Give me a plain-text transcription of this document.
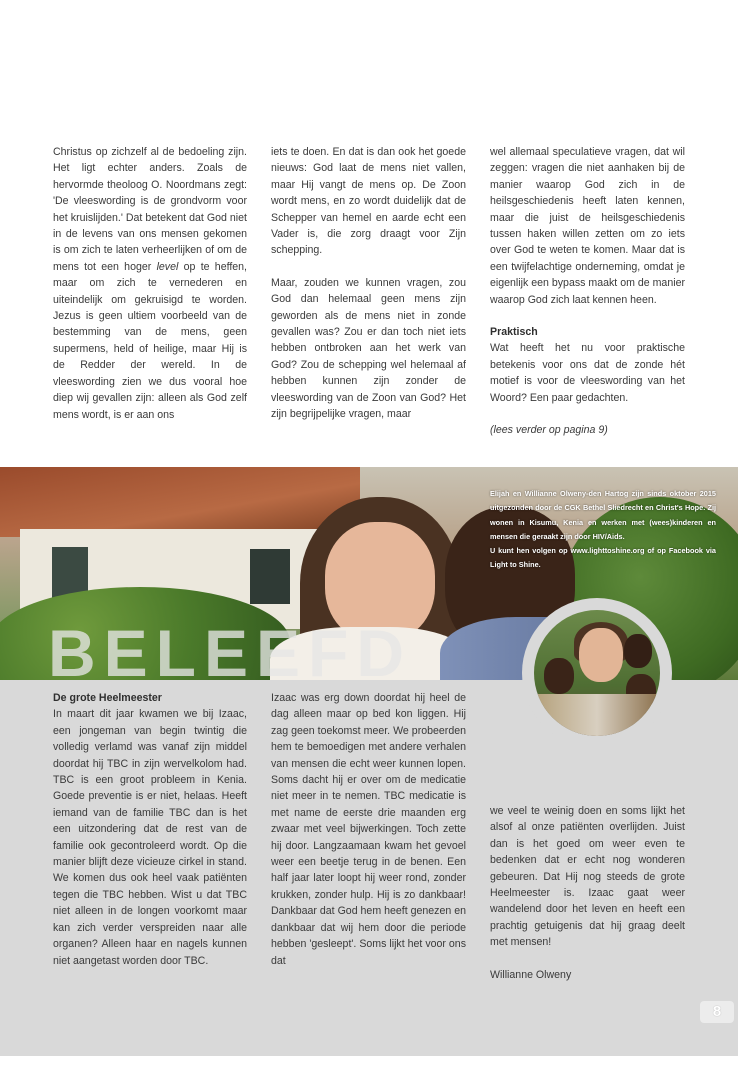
Christus op zichzelf al de bedoeling zijn. Het ligt echter anders. Zoals de hervormde theoloog O. Noordmans zegt: 'De vleeswording is de grondvorm voor het kruislijden.' Dat betekent dat God niet in de levens van ons mensen gekomen is om zich te laten verheerlijken of om de mens tot een hoger level op te heffen, maar om zich te vernederen en uiteindelijk om gekruisigd te worden. Jezus is geen ultiem voorbeeld van de bestemming van de mens, geen supermens, held of heilige, maar Hij is de Redder der wereld. In de vleeswording zien we dus vooral hoe diep wij gevallen zijn: alleen als God zelf mens wordt, is er aan ons

iets te doen. En dat is dan ook het goede nieuws: God laat de mens niet vallen, maar Hij vangt de mens op. De Zoon wordt mens, en zo wordt duidelijk dat de Schepper van hemel en aarde echt een Vader is, die zorg draagt voor Zijn schepping.

Maar, zouden we kunnen vragen, zou God dan helemaal geen mens zijn geworden als de mens niet in zonde gevallen was? Zou er dan toch niet iets hebben ontbroken aan het werk van God? Zou de schepping wel helemaal af hebben kunnen zijn zonder de vleeswording van de Zoon van God? Het zijn begrijpelijke vragen, maar

wel allemaal speculatieve vragen, dat wil zeggen: vragen die niet aanhaken bij de manier waarop God zich in de heilsgeschiedenis heeft laten kennen, maar die juist de heilsgeschiedenis tussen haken willen zetten om zo iets over God te weten te komen. Maar dat is een twijfelachtige onderneming, omdat je eigenlijk een bypass maakt om de manier waarop God zich laat kennen heen.

Praktisch

Wat heeft het nu voor praktische betekenis voor ons dat de zonde hét motief is voor de vleeswording van het Woord? Een paar gedachten.

(lees verder op pagina 9)

Elijah en Willianne Olweny-den Hartog zijn sinds oktober 2015 uitgezonden door de CGK Bethel Sliedrecht en Christ's Hope. Zij wonen in Kisumu, Kenia en werken met (wees)kinderen en mensen die geraakt zijn door HIV/Aids.

U kunt hen volgen op www.lighttoshine.org of op Facebook via Light to Shine.

BELEEFD

De grote Heelmeester

In maart dit jaar kwamen we bij Izaac, een jongeman van begin twintig die volledig verlamd was vanaf zijn middel doordat hij TBC in zijn wervelkolom had. TBC is een groot probleem in Kenia. Goede preventie is er niet, helaas. Heeft iemand van de familie TBC dan is het een uitzondering dat de rest van de familie ook gecontroleerd wordt. Op die manier blijft deze vicieuze cirkel in stand. We komen dus ook heel vaak patiënten tegen die TBC hebben. Wist u dat TBC niet alleen in de longen voorkomt maar kan zich verder verspreiden naar alle organen? Alleen haar en nagels kunnen niet aangetast worden door TBC.

Izaac was erg down doordat hij heel de dag alleen maar op bed kon liggen. Hij zag geen toekomst meer. We probeerden hem te bemoedigen met andere verhalen van mensen die echt weer kunnen lopen. Soms dacht hij er over om de medicatie niet meer in te nemen. TBC medicatie is met name de eerste drie maanden erg zwaar met veel bijwerkingen. Toch zette hij door. Langzaamaan kwam het gevoel weer een beetje terug in de benen. Een half jaar later loopt hij weer rond, zonder krukken, zonder hulp. Hij is zo dankbaar! Dankbaar dat God hem heeft genezen en dankbaar dat wij hem door die periode hebben 'gesleept'. Soms lijkt het voor ons dat

we veel te weinig doen en soms lijkt het alsof al onze patiënten overlijden. Juist dan is het goed om weer even te bedenken dat er echt nog wonderen gebeuren. Dat Hij nog steeds de grote Heelmeester is. Izaac gaat weer wandelend door het leven en heeft een prachtig getuigenis dat hij graag deelt met mensen!

Willianne Olweny

8
